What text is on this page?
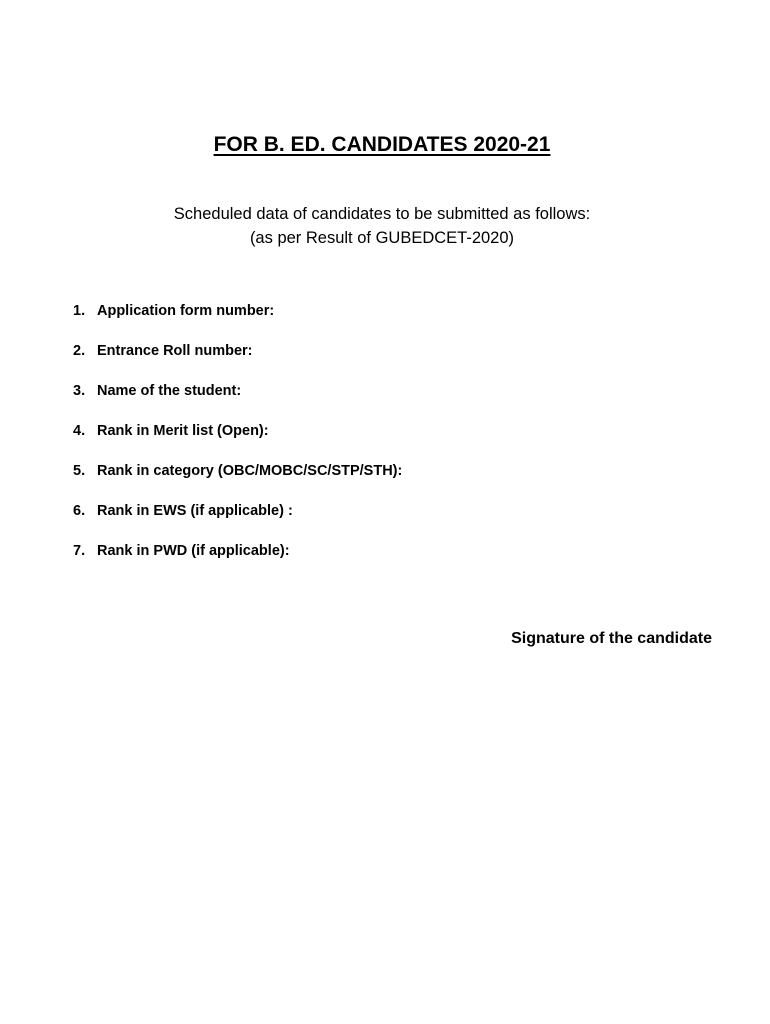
FOR B. ED. CANDIDATES 2020-21
Scheduled data of candidates to be submitted as follows:
(as per Result of GUBEDCET-2020)
1. Application form number:
2. Entrance Roll number:
3. Name of the student:
4. Rank in Merit list (Open):
5. Rank in category (OBC/MOBC/SC/STP/STH):
6. Rank in EWS (if applicable) :
7. Rank in PWD (if applicable):
Signature of the candidate
